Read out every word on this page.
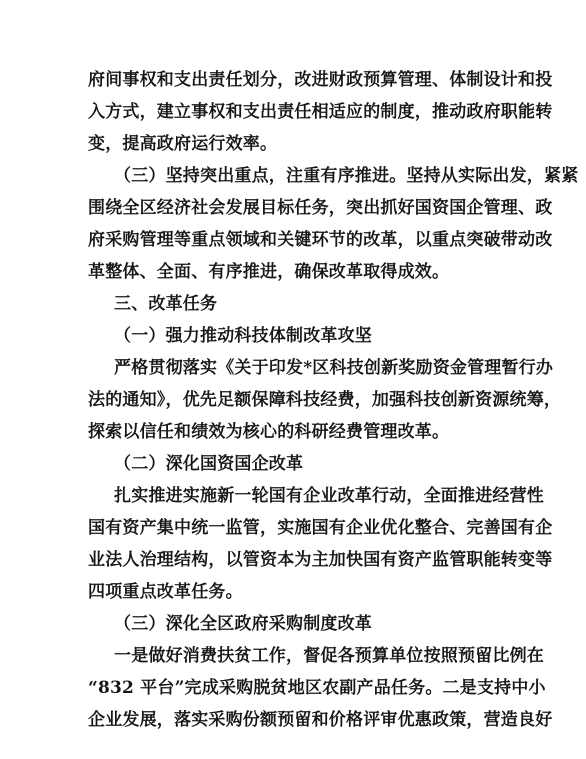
府间事权和支出责任划分，改进财政预算管理、体制设计和投
入方式，建立事权和支出责任相适应的制度，推动政府职能转
变，提高政府运行效率。
（三）坚持突出重点，注重有序推进。坚持从实际出发，紧紧
围绕全区经济社会发展目标任务，突出抓好国资国企管理、政
府采购管理等重点领域和关键环节的改革，以重点突破带动改
革整体、全面、有序推进，确保改革取得成效。
三、改革任务
（一）强力推动科技体制改革攻坚
严格贯彻落实《关于印发*区科技创新奖励资金管理暂行办
法的通知》，优先足额保障科技经费，加强科技创新资源统筹，
探索以信任和绩效为核心的科研经费管理改革。
（二）深化国资国企改革
扎实推进实施新一轮国有企业改革行动，全面推进经营性
国有资产集中统一监管，实施国有企业优化整合、完善国有企
业法人治理结构，以管资本为主加快国有资产监管职能转变等
四项重点改革任务。
（三）深化全区政府采购制度改革
一是做好消费扶贫工作，督促各预算单位按照预留比例在
“832 平台”完成采购脱贫地区农副产品任务。二是支持中小
企业发展，落实采购份额预留和价格评审优惠政策，营造良好
